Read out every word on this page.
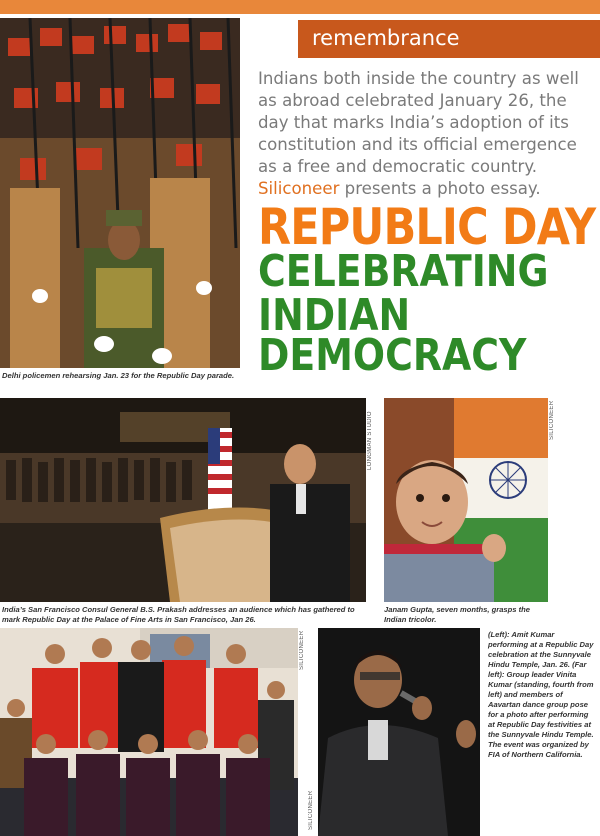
remembrance
Delhi policemen rehearsing Jan. 23 for the Republic Day parade.
Indians both inside the country as well as abroad celebrated January 26, the day that marks India’s adoption of its constitution and its official emergence as a free and democratic country. Siliconeer presents a photo essay.
REPUBLIC DAY
CELEBRATING
INDIAN
DEMOCRACY
LONGMAN STUDIO
India’s San Francisco Consul General B.S. Prakash addresses an audience which has gathered to mark Republic Day at the Palace of Fine Arts in San Francisco, Jan 26.
SILICONEER
Janam Gupta, seven months, grasps the Indian tricolor.
SILICONEER
SILICONEER
(Left): Amit Kumar performing at a Republic Day celebration at the Sunnyvale Hindu Temple, Jan. 26. (Far left): Group leader Vinita Kumar (standing, fourth from left) and members of Aavartan dance group pose for a photo after performing at Republic Day festivities at the Sunnyvale Hindu Temple. The event was organized by FIA of Northern California.
